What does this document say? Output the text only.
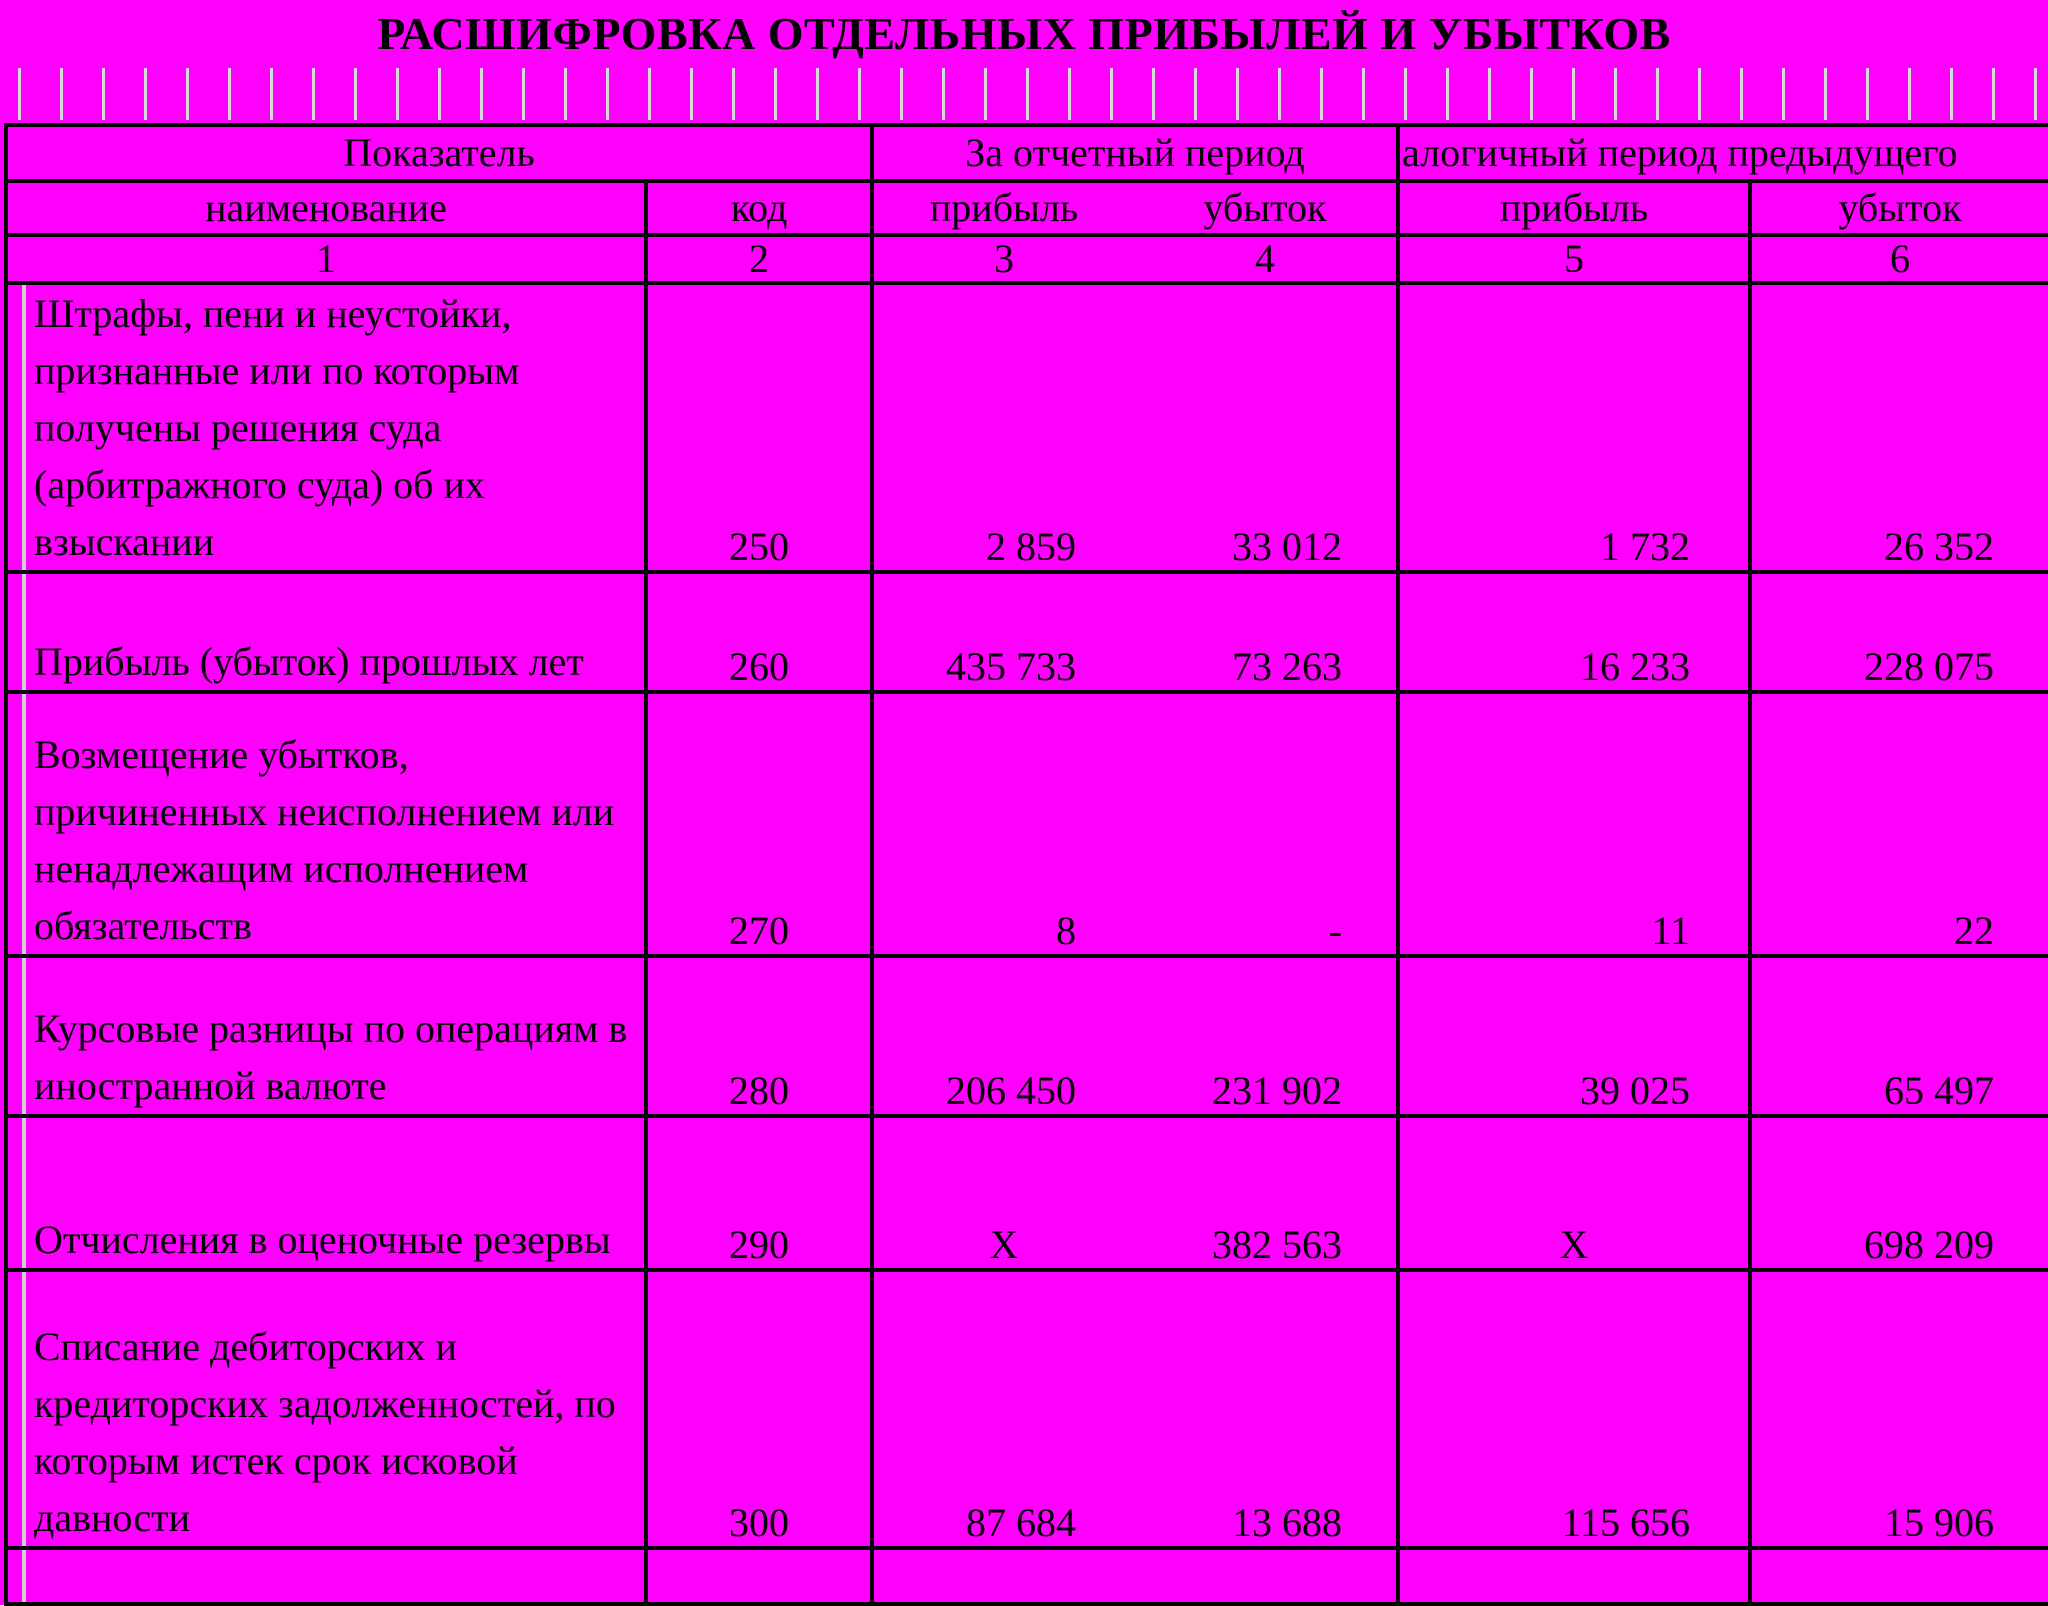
РАСШИФРОВКА ОТДЕЛЬНЫХ ПРИБЫЛЕЙ И УБЫТКОВ
Показатель		За отчетный период		алогичный период предыдущего	
наименование	код	прибыль	убыток	прибыль	убыток
1	2	3	4	5	6
Штрафы, пени и неустойки, признанные или по которым получены решения суда (арбитражного суда) об их взыскании	250	2 859	33 012	1 732	26 352
Прибыль (убыток) прошлых лет	260	435 733	73 263	16 233	228 075
Возмещение убытков, причиненных неисполнением или ненадлежащим исполнением обязательств	270	8	-	11	22
Курсовые разницы по операциям в иностранной валюте	280	206 450	231 902	39 025	65 497
Отчисления в оценочные резервы	290	Х	382 563	Х	698 209
Списание дебиторских и кредиторских задолженностей, по которым истек срок исковой давности	300	87 684	13 688	115 656	15 906
